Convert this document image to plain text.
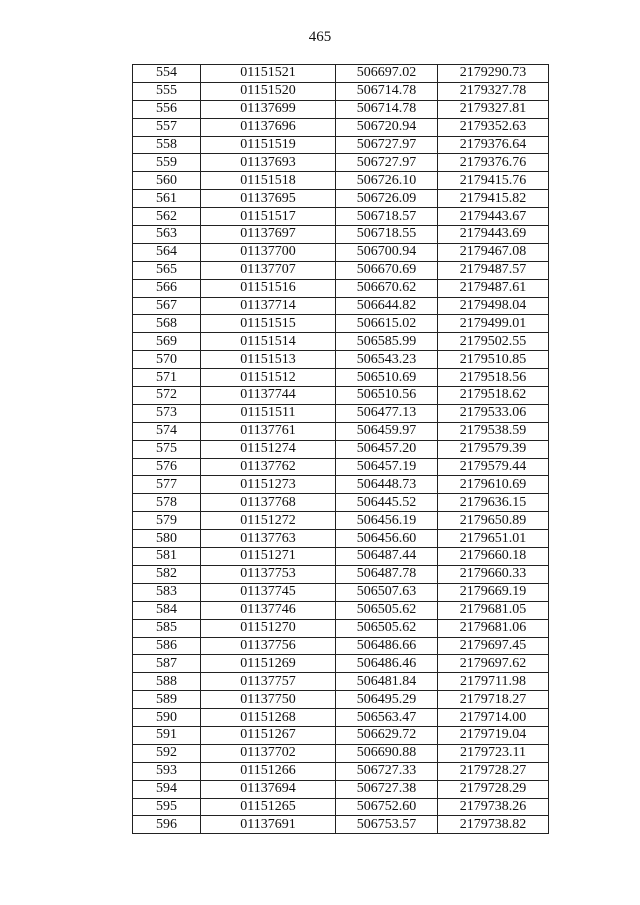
465
554	01151521	506697.02	2179290.73
555	01151520	506714.78	2179327.78
556	01137699	506714.78	2179327.81
557	01137696	506720.94	2179352.63
558	01151519	506727.97	2179376.64
559	01137693	506727.97	2179376.76
560	01151518	506726.10	2179415.76
561	01137695	506726.09	2179415.82
562	01151517	506718.57	2179443.67
563	01137697	506718.55	2179443.69
564	01137700	506700.94	2179467.08
565	01137707	506670.69	2179487.57
566	01151516	506670.62	2179487.61
567	01137714	506644.82	2179498.04
568	01151515	506615.02	2179499.01
569	01151514	506585.99	2179502.55
570	01151513	506543.23	2179510.85
571	01151512	506510.69	2179518.56
572	01137744	506510.56	2179518.62
573	01151511	506477.13	2179533.06
574	01137761	506459.97	2179538.59
575	01151274	506457.20	2179579.39
576	01137762	506457.19	2179579.44
577	01151273	506448.73	2179610.69
578	01137768	506445.52	2179636.15
579	01151272	506456.19	2179650.89
580	01137763	506456.60	2179651.01
581	01151271	506487.44	2179660.18
582	01137753	506487.78	2179660.33
583	01137745	506507.63	2179669.19
584	01137746	506505.62	2179681.05
585	01151270	506505.62	2179681.06
586	01137756	506486.66	2179697.45
587	01151269	506486.46	2179697.62
588	01137757	506481.84	2179711.98
589	01137750	506495.29	2179718.27
590	01151268	506563.47	2179714.00
591	01151267	506629.72	2179719.04
592	01137702	506690.88	2179723.11
593	01151266	506727.33	2179728.27
594	01137694	506727.38	2179728.29
595	01151265	506752.60	2179738.26
596	01137691	506753.57	2179738.82
